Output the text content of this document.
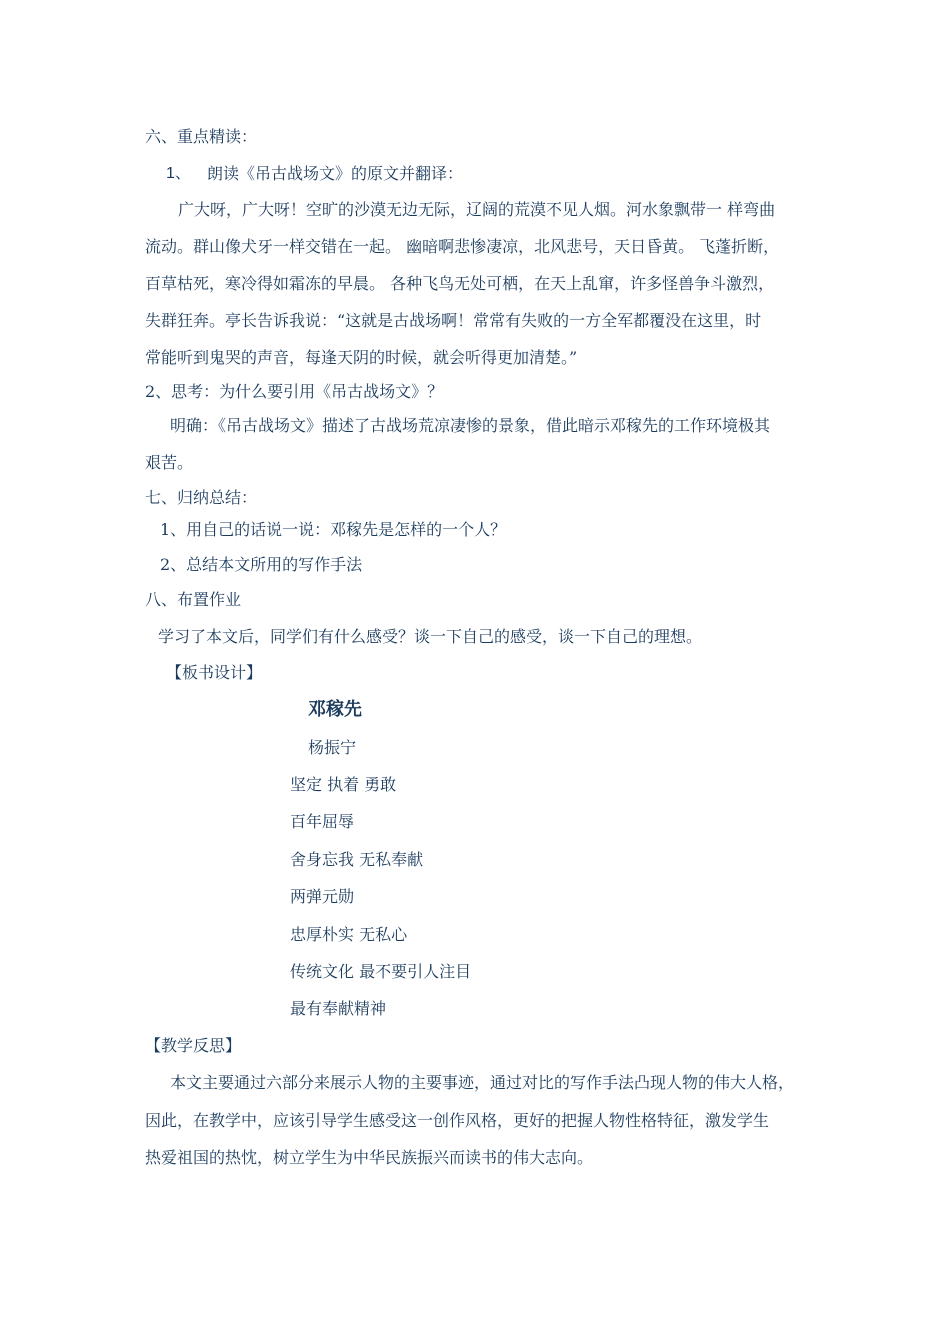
六、重点精读：
1、 朗读《吊古战场文》的原文并翻译：
广大呀，广大呀！空旷的沙漠无边无际，辽阔的荒漠不见人烟。河水象飘带一 样弯曲
流动。群山像犬牙一样交错在一起。 幽暗啊悲惨凄凉，北风悲号，天日昏黄。 飞蓬折断，
百草枯死，寒冷得如霜冻的早晨。 各种飞鸟无处可栖，在天上乱窜，许多怪兽争斗激烈，
失群狂奔。亭长告诉我说：“这就是古战场啊！常常有失败的一方全军都覆没在这里，时
常能听到鬼哭的声音，每逢天阴的时候，就会听得更加清楚。”
2、思考：为什么要引用《吊古战场文》？
明确：《吊古战场文》描述了古战场荒凉凄惨的景象，借此暗示邓稼先的工作环境极其
艰苦。
七、归纳总结：
1、用自己的话说一说：邓稼先是怎样的一个人？
2、总结本文所用的写作手法
八、布置作业
学习了本文后，同学们有什么感受？谈一下自己的感受，谈一下自己的理想。
【板书设计】
邓稼先
杨振宁
坚定 执着 勇敢
百年屈辱
舍身忘我 无私奉献
两弹元勋
忠厚朴实 无私心
传统文化 最不要引人注目
最有奉献精神
【教学反思】
本文主要通过六部分来展示人物的主要事迹，通过对比的写作手法凸现人物的伟大人格，
因此，在教学中，应该引导学生感受这一创作风格，更好的把握人物性格特征，激发学生
热爱祖国的热忱，树立学生为中华民族振兴而读书的伟大志向。
